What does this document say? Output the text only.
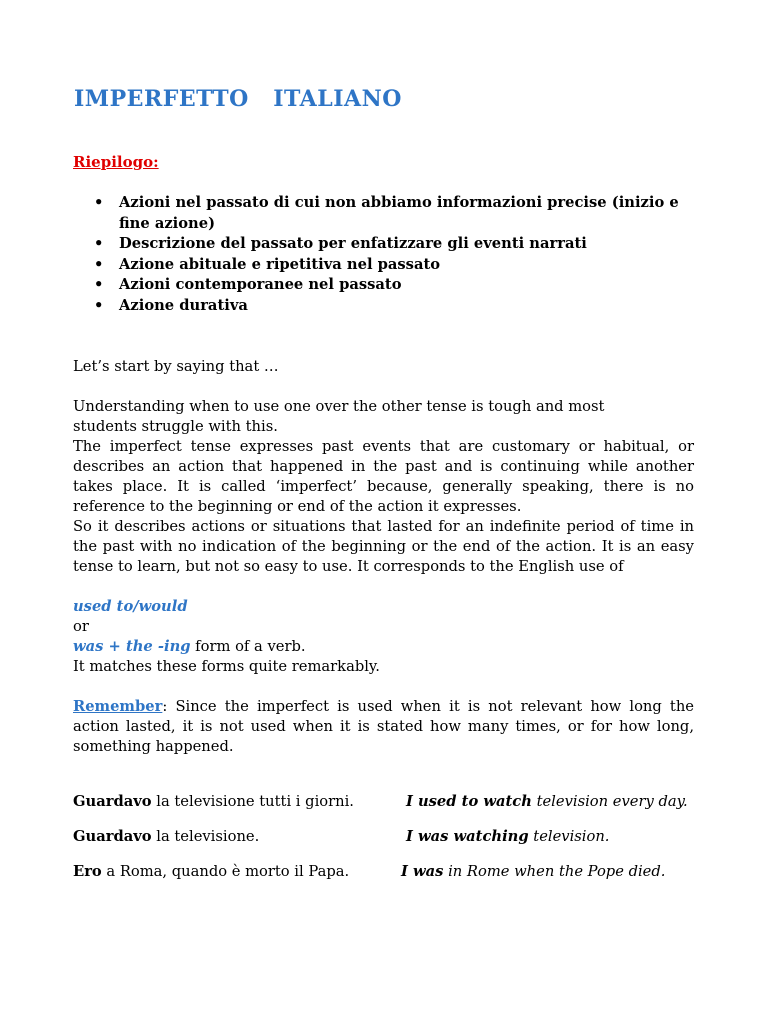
IMPERFETTO   ITALIANO

Riepilogo:

• Azioni nel passato di cui non abbiamo informazioni precise (inizio e fine azione)
• Descrizione del passato per enfatizzare gli eventi narrati
• Azione abituale e ripetitiva nel passato
• Azioni contemporanee nel passato
• Azione durativa

Let’s start by saying that …

Understanding when to use one over the other tense is tough and most
students struggle with this.

The imperfect tense expresses past events that are customary or habitual, or describes an action that happened in the past and is continuing while another takes place. It is called ‘imperfect’ because, generally speaking, there is no reference to the beginning or end of the action it expresses.

So it describes actions or situations that lasted for an indefinite period of time in the past with no indication of the beginning or the end of the action. It is an easy tense to learn, but not so easy to use. It corresponds to the English use of

used to/would
or
was + the -ing form of a verb.
It matches these forms quite remarkably.

Remember: Since the imperfect is used when it is not relevant how long the action lasted, it is not used when it is stated how many times, or for how long, something happened.

Guardavo la televisione tutti i giorni.	I used to watch television every day.
Guardavo la televisione.	I was watching television.
Ero a Roma, quando è morto il Papa.	I was in Rome when the Pope died.
